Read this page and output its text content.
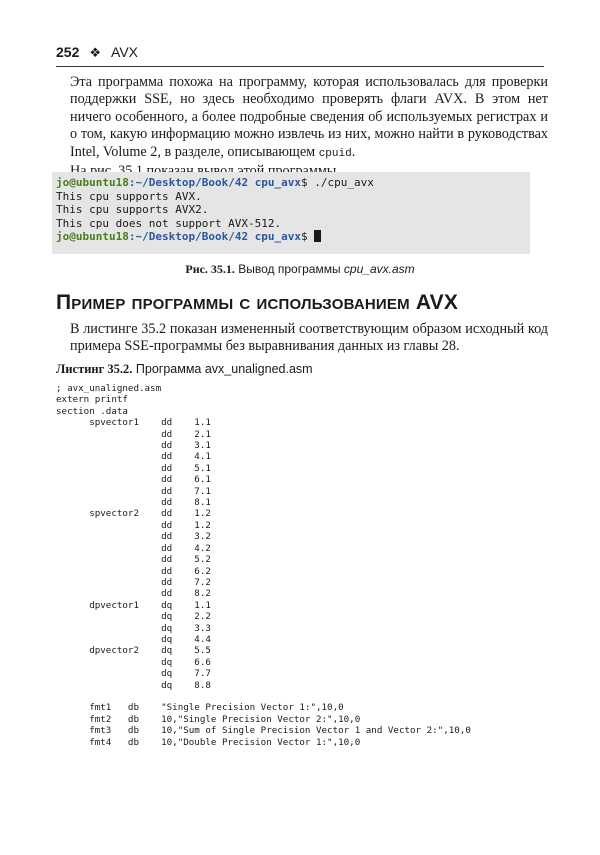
252 ❖ AVX
Эта программа похожа на программу, которая использовалась для проверки поддержки SSE, но здесь необходимо проверять флаги AVX. В этом нет ничего особенного, а более подробные сведения об используемых регистрах и о том, какую информацию можно извлечь из них, можно найти в руководствах Intel, Volume 2, в разделе, описывающем cpuid.
jo@ubuntu18:~/Desktop/Book/42 cpu_avx$ ./cpu_avx
This cpu supports AVX.
This cpu supports AVX2.
This cpu does not support AVX-512.
jo@ubuntu18:~/Desktop/Book/42 cpu_avx$
Рис. 35.1. Вывод программы cpu_avx.asm
Пример программы с использованием AVX
В листинге 35.2 показан измененный соответствующим образом исходный код примера SSE-программы без выравнивания данных из главы 28.
Листинг 35.2. Программа avx_unaligned.asm
; avx_unaligned.asm
extern printf
section .data
spvector1    dd    1.1
dd    2.1
dd    3.1
dd    4.1
dd    5.1
dd    6.1
dd    7.1
dd    8.1
spvector2    dd    1.2
dd    1.2
dd    3.2
dd    4.2
dd    5.2
dd    6.2
dd    7.2
dd    8.2
dpvector1    dq    1.1
dq    2.2
dq    3.3
dq    4.4
dpvector2    dq    5.5
dq    6.6
dq    7.7
dq    8.8

fmt1   db    "Single Precision Vector 1:",10,0
fmt2   db    10,"Single Precision Vector 2:",10,0
fmt3   db    10,"Sum of Single Precision Vector 1 and Vector 2:",10,0
fmt4   db    10,"Double Precision Vector 1:",10,0
